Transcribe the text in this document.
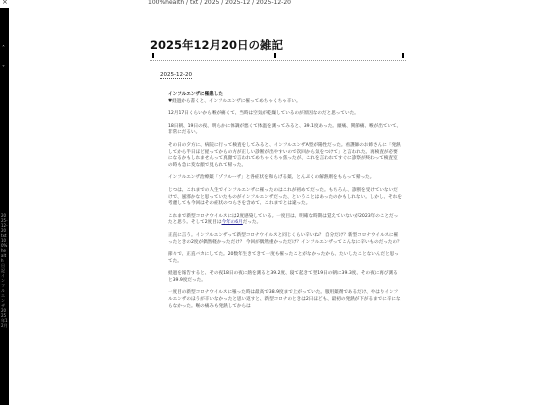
×	100%health / txt / 2025 / 2025-12 / 2025-12-20
˄
˅
2025-12-20 txt 100%health 日記 インフルエンザ 2025年12月
2025年12月20日の雑記
2025-12-20

インフルエンザに罹患した

♥経過から書くと、インフルエンザに罹ってめちゃくちゃ辛い。

12月17日くらいから喉が痛くて、当時は空気が乾燥しているのが原因なのだと思っていた。

18日朝、19日の夜、明らかに体調が悪くて体温を測ってみると、39.1度あった。頭痛、関節痛、喉が出ていて、非常にだるい。

その日の夕方に、病院に行って検査をしてみると、インフルエンザA型が陽性だった。看護師のお姉さんに「発熱してから半日ほど経ってからの方が正しい診断が出やすいので次回から気をつけて」と言われた。再検査が必要になるかもしれませんって真顔で言われてめちゃくちゃ焦ったが、これを言われてすぐに診察が終わって検査室の時も急に変な顔で見られて帰った。

インフルエンザ治療薬「ゾフルーザ」と各症状を和らげる薬、とんぷくの解熱剤をもらって帰った。

じつは、これまでの人生でインフルエンザに罹ったのはこれが初めてだった。もちろん、診断を受けていないだけで、風邪かなと思っていたものがインフルエンザだった、ということはあったのかもしれない。しかし、それを考慮しても今回はその症状のつらさを含めて、これまでとは違った。

これまで新型コロナウイルスには2度感染している。一度目は、明確な時期は覚えていないが2023年のことだったと思う。そして2度目は今年の6月だった。

正直に言う。インフルエンザって新型コロナウイルスと同じくらい辛いね？ 自分だけ？新型コロナウイルスに罹ったときの2度が偶然軽かっただけ？ 今回が偶然重かっただけ？インフルエンザってこんなに辛いものだったの？

節々で、正直バカにしてた。20数年生きてきて一度も罹ったことがなかったから、たいしたことないんだと思ってた。

経過を報告すると、その夜18日の夜に熱を測ると39.2度、寝て起きて翌19日の朝に39.3度、その夜に再び測ると39.9度だった。

一度目の新型コロナウイルスに罹った時は最高で38.9度まで上がっていた。服用薬剤であるだけ、やはりインフルエンザのほうが辛いなかったと思い返すと、新型コロナのときは2日ほども、最初の発熱が下がるまでに辛にならなかった。喉の痛みも発熱してからは
